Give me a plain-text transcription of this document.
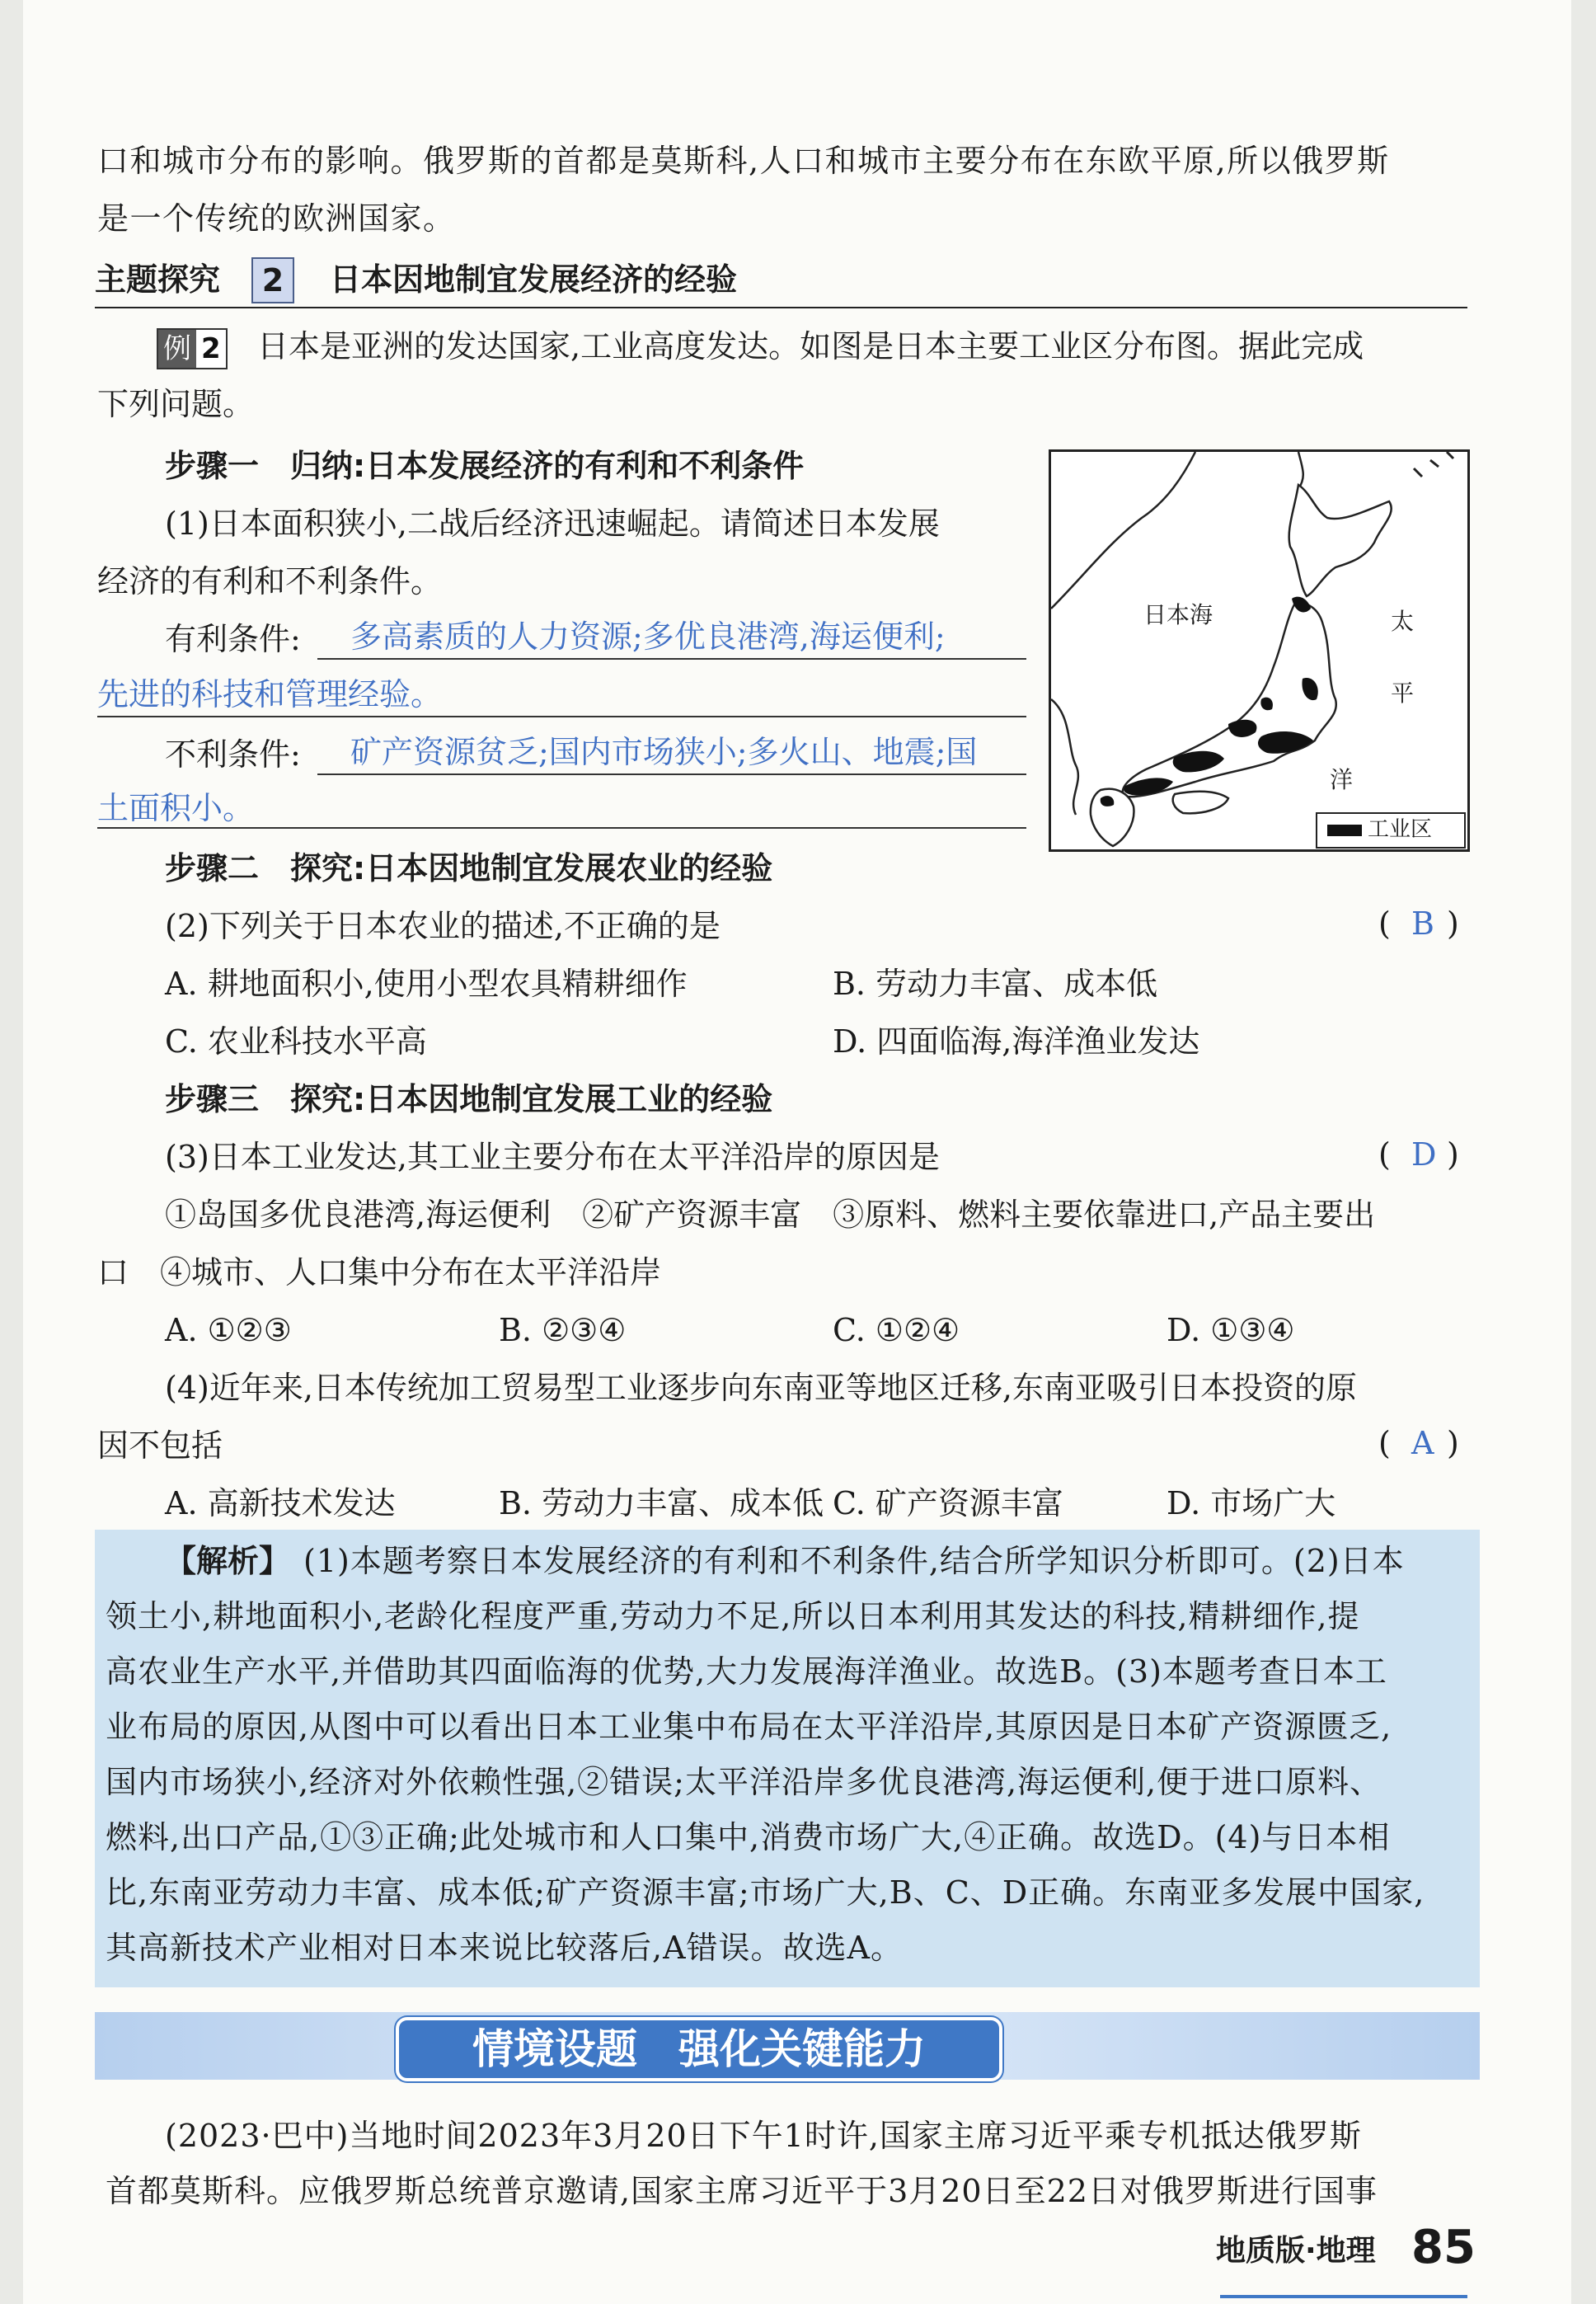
口和城市分布的影响。俄罗斯的首都是莫斯科,人口和城市主要分布在东欧平原,所以俄罗斯
是一个传统的欧洲国家。
主题探究	2	日本因地制宜发展经济的经验
例 2 日本是亚洲的发达国家,工业高度发达。如图是日本主要工业区分布图。据此完成
下列问题。
步骤一　归纳:日本发展经济的有利和不利条件
(1)日本面积狭小,二战后经济迅速崛起。请简述日本发展
经济的有利和不利条件。
有利条件: 多高素质的人力资源;多优良港湾,海运便利;
先进的科技和管理经验。
不利条件: 矿产资源贫乏;国内市场狭小;多火山、地震;国
土面积小。
日本海	太
平
洋
工业区
步骤二　探究:日本因地制宜发展农业的经验
(2)下列关于日本农业的描述,不正确的是	( B )
A. 耕地面积小,使用小型农具精耕细作	B. 劳动力丰富、成本低
C. 农业科技水平高	D. 四面临海,海洋渔业发达
步骤三　探究:日本因地制宜发展工业的经验
(3)日本工业发达,其工业主要分布在太平洋沿岸的原因是	( D )
①岛国多优良港湾,海运便利　②矿产资源丰富　③原料、燃料主要依靠进口,产品主要出
口　④城市、人口集中分布在太平洋沿岸
A. ①②③	B. ②③④	C. ①②④	D. ①③④
(4)近年来,日本传统加工贸易型工业逐步向东南亚等地区迁移,东南亚吸引日本投资的原
因不包括	( A )
A. 高新技术发达	B. 劳动力丰富、成本低 C. 矿产资源丰富	D. 市场广大
【解析】 (1)本题考察日本发展经济的有利和不利条件,结合所学知识分析即可。(2)日本
领土小,耕地面积小,老龄化程度严重,劳动力不足,所以日本利用其发达的科技,精耕细作,提
高农业生产水平,并借助其四面临海的优势,大力发展海洋渔业。故选B。(3)本题考查日本工
业布局的原因,从图中可以看出日本工业集中布局在太平洋沿岸,其原因是日本矿产资源匮乏,
国内市场狭小,经济对外依赖性强,②错误;太平洋沿岸多优良港湾,海运便利,便于进口原料、
燃料,出口产品,①③正确;此处城市和人口集中,消费市场广大,④正确。故选D。(4)与日本相
比,东南亚劳动力丰富、成本低;矿产资源丰富;市场广大,B、C、D正确。东南亚多发展中国家,
其高新技术产业相对日本来说比较落后,A错误。故选A。
情境设题　强化关键能力
(2023·巴中)当地时间2023年3月20日下午1时许,国家主席习近平乘专机抵达俄罗斯
首都莫斯科。应俄罗斯总统普京邀请,国家主席习近平于3月20日至22日对俄罗斯进行国事
地质版·地理 85
